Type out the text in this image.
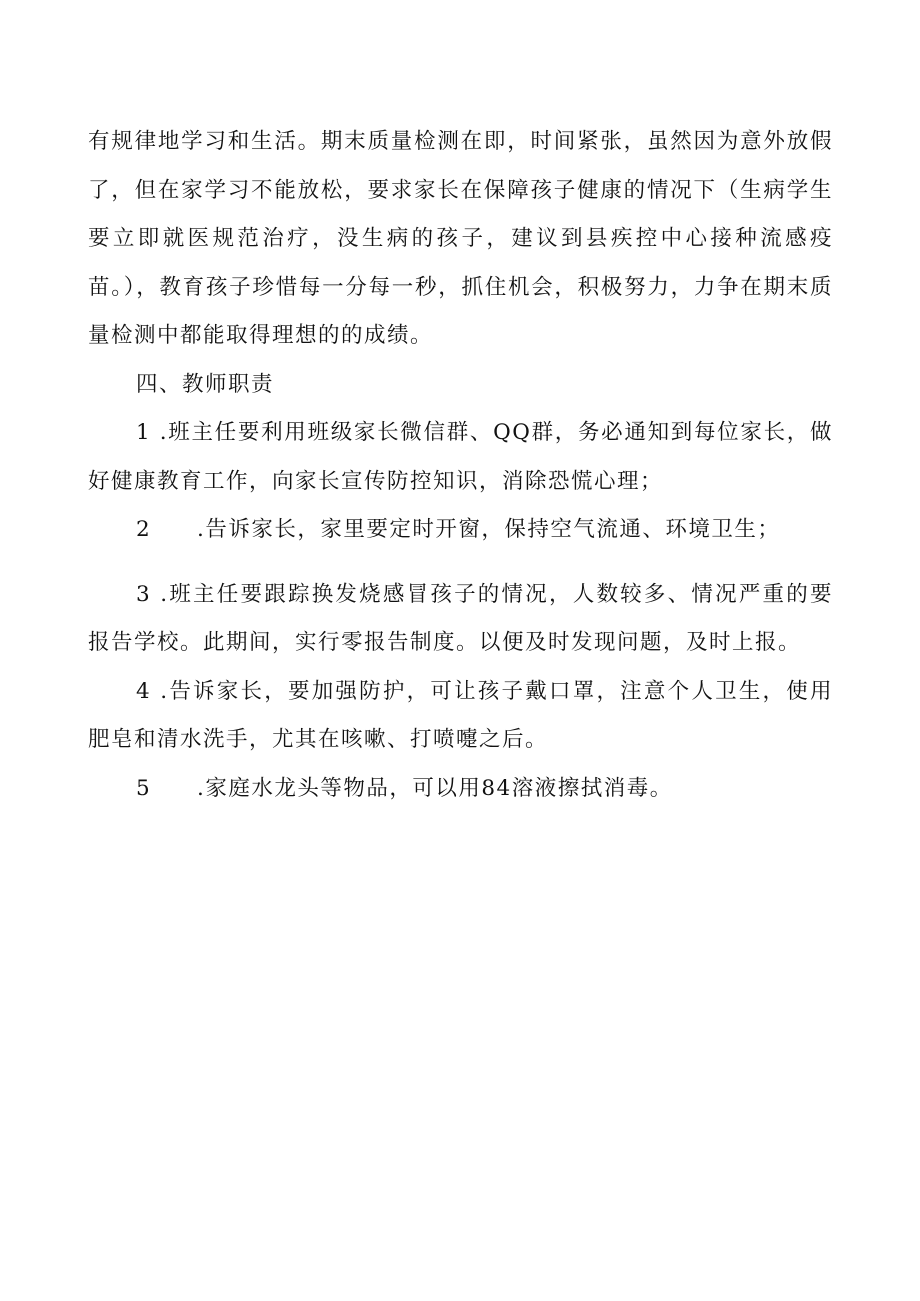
有规律地学习和生活。期末质量检测在即，时间紧张，虽然因为意外放假了，但在家学习不能放松，要求家长在保障孩子健康的情况下（生病学生要立即就医规范治疗，没生病的孩子，建议到县疾控中心接种流感疫苗。），教育孩子珍惜每一分每一秒，抓住机会，积极努力，力争在期末质量检测中都能取得理想的的成绩。

四、教师职责

1 .班主任要利用班级家长微信群、QQ群，务必通知到每位家长，做好健康教育工作，向家长宣传防控知识，消除恐慌心理；

2 .告诉家长，家里要定时开窗，保持空气流通、环境卫生；

3 .班主任要跟踪换发烧感冒孩子的情况，人数较多、情况严重的要报告学校。此期间，实行零报告制度。以便及时发现问题，及时上报。

4 .告诉家长，要加强防护，可让孩子戴口罩，注意个人卫生，使用肥皂和清水洗手，尤其在咳嗽、打喷嚏之后。

5 .家庭水龙头等物品，可以用84溶液擦拭消毒。
